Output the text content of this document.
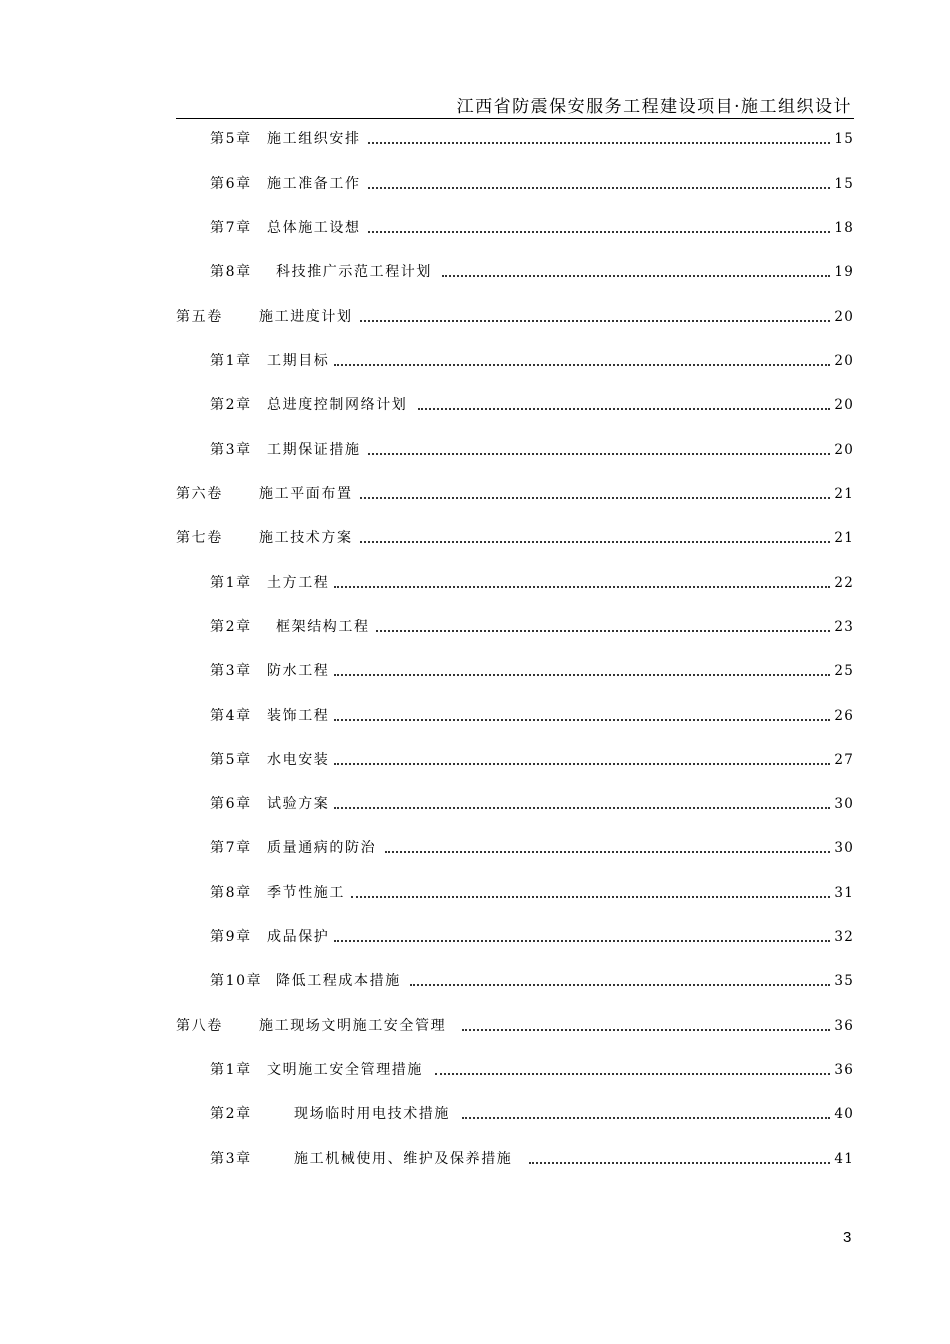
江西省防震保安服务工程建设项目·施工组织设计
第5章 施工组织安排	15
第6章 施工准备工作	15
第7章 总体施工设想	18
第8章 科技推广示范工程计划	19
第五卷	施工进度计划	20
第1章 工期目标	20
第2章 总进度控制网络计划	20
第3章 工期保证措施	20
第六卷	施工平面布置	21
第七卷	施工技术方案	21
第1章 土方工程	22
第2章 框架结构工程	23
第3章 防水工程	25
第4章 装饰工程	26
第5章 水电安装	27
第6章 试验方案	30
第7章 质量通病的防治	30
第8章 季节性施工	31
第9章 成品保护	32
第10章 降低工程成本措施	35
第八卷	施工现场文明施工安全管理	36
第1章 文明施工安全管理措施	36
第2章	现场临时用电技术措施	40
第3章	施工机械使用、维护及保养措施	41
3
